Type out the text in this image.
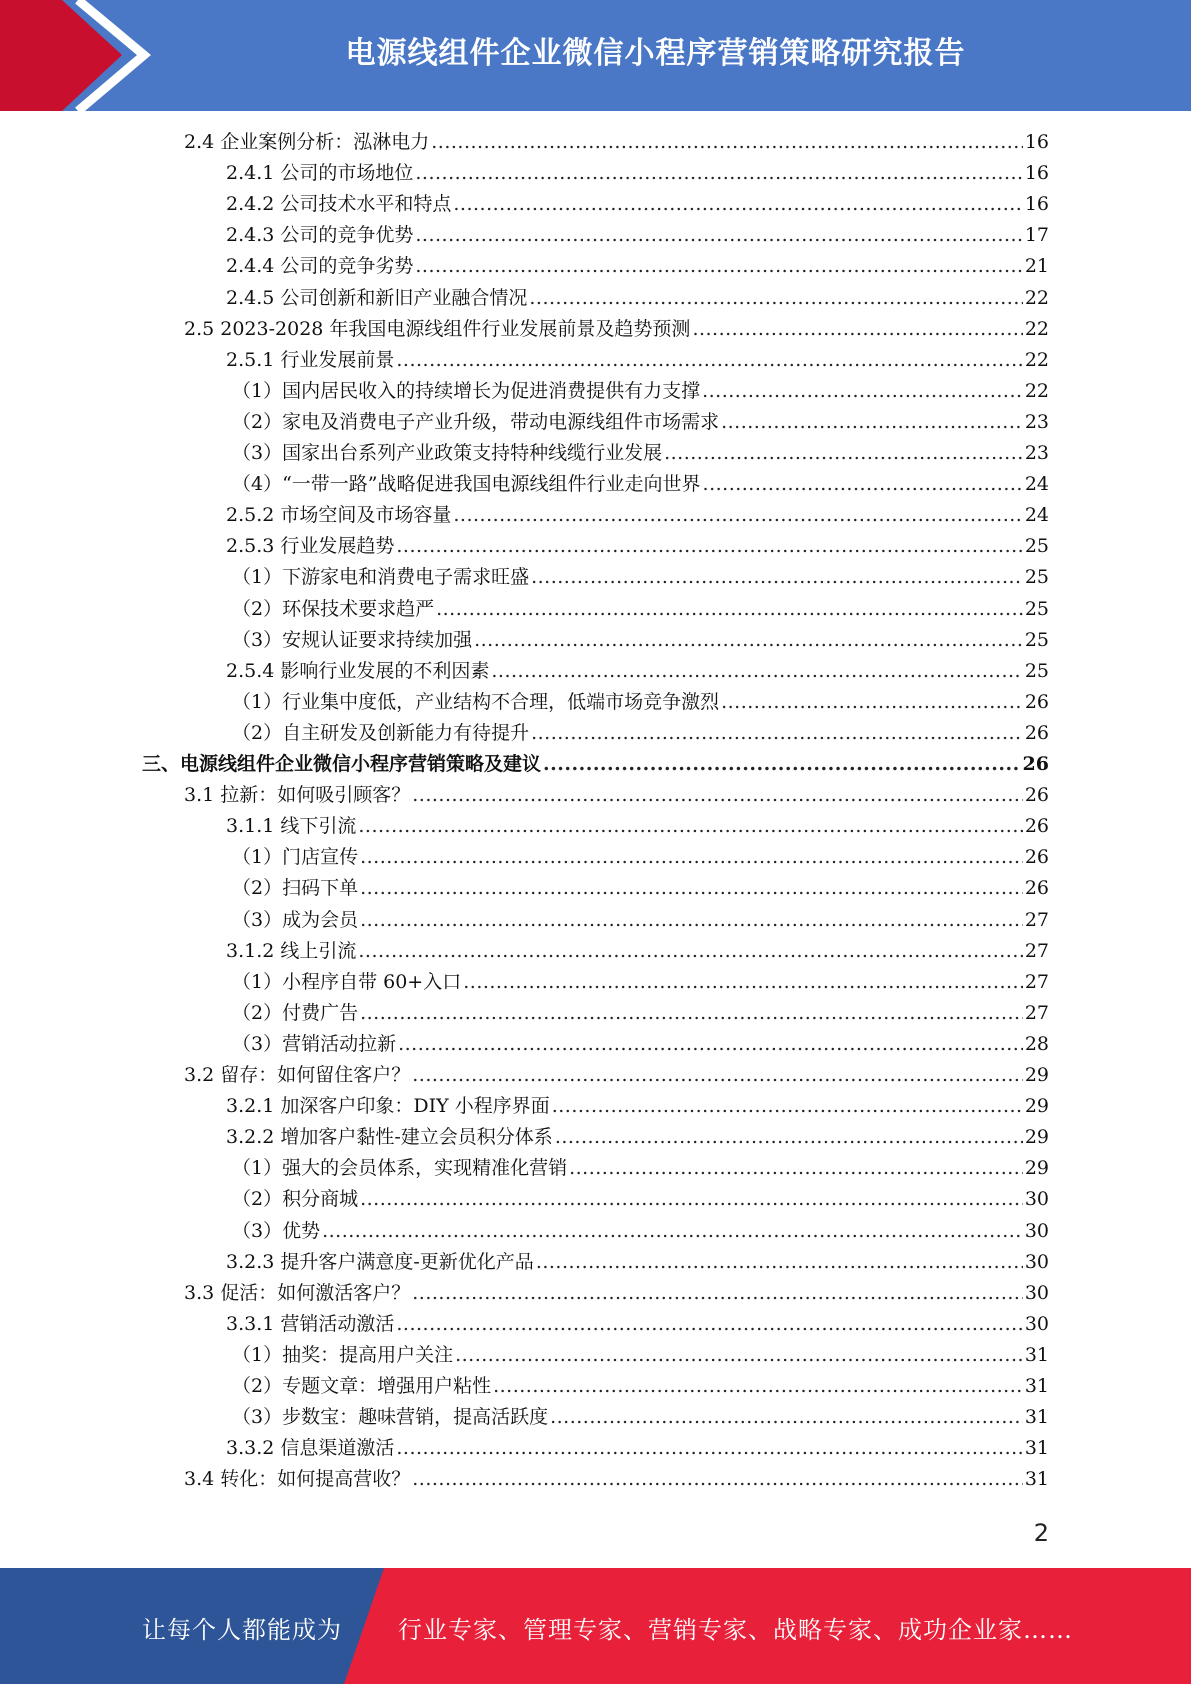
电源线组件企业微信小程序营销策略研究报告
2.4 企业案例分析：泓淋电力 .....	16
2.4.1 公司的市场地位 .....	16
2.4.2 公司技术水平和特点 .....	16
2.4.3 公司的竞争优势 .....	17
2.4.4 公司的竞争劣势 .....	21
2.4.5 公司创新和新旧产业融合情况 .....	22
2.5 2023-2028 年我国电源线组件行业发展前景及趋势预测 .....	22
2.5.1 行业发展前景 .....	22
（1）国内居民收入的持续增长为促进消费提供有力支撑 .....	22
（2）家电及消费电子产业升级，带动电源线组件市场需求 .....	23
（3）国家出台系列产业政策支持特种线缆行业发展 .....	23
（4）“一带一路”战略促进我国电源线组件行业走向世界 .....	24
2.5.2 市场空间及市场容量 .....	24
2.5.3 行业发展趋势 .....	25
（1）下游家电和消费电子需求旺盛 .....	25
（2）环保技术要求趋严 .....	25
（3）安规认证要求持续加强 .....	25
2.5.4 影响行业发展的不利因素 .....	25
（1）行业集中度低，产业结构不合理，低端市场竞争激烈 .....	26
（2）自主研发及创新能力有待提升 .....	26
三、电源线组件企业微信小程序营销策略及建议 .....	26
3.1 拉新：如何吸引顾客？ .....	26
3.1.1 线下引流 .....	26
（1）门店宣传 .....	26
（2）扫码下单 .....	26
（3）成为会员 .....	27
3.1.2 线上引流 .....	27
（1）小程序自带 60+入口 .....	27
（2）付费广告 .....	27
（3）营销活动拉新 .....	28
3.2 留存：如何留住客户？ .....	29
3.2.1 加深客户印象：DIY 小程序界面 .....	29
3.2.2 增加客户黏性-建立会员积分体系 .....	29
（1）强大的会员体系，实现精准化营销 .....	29
（2）积分商城 .....	30
（3）优势 .....	30
3.2.3 提升客户满意度-更新优化产品 .....	30
3.3 促活：如何激活客户？ .....	30
3.3.1 营销活动激活 .....	30
（1）抽奖：提高用户关注 .....	31
（2）专题文章：增强用户粘性 .....	31
（3）步数宝：趣味营销，提高活跃度 .....	31
3.3.2 信息渠道激活 .....	31
3.4 转化：如何提高营收？ .....	31
2
让每个人都能成为 行业专家、管理专家、营销专家、战略专家、成功企业家……
